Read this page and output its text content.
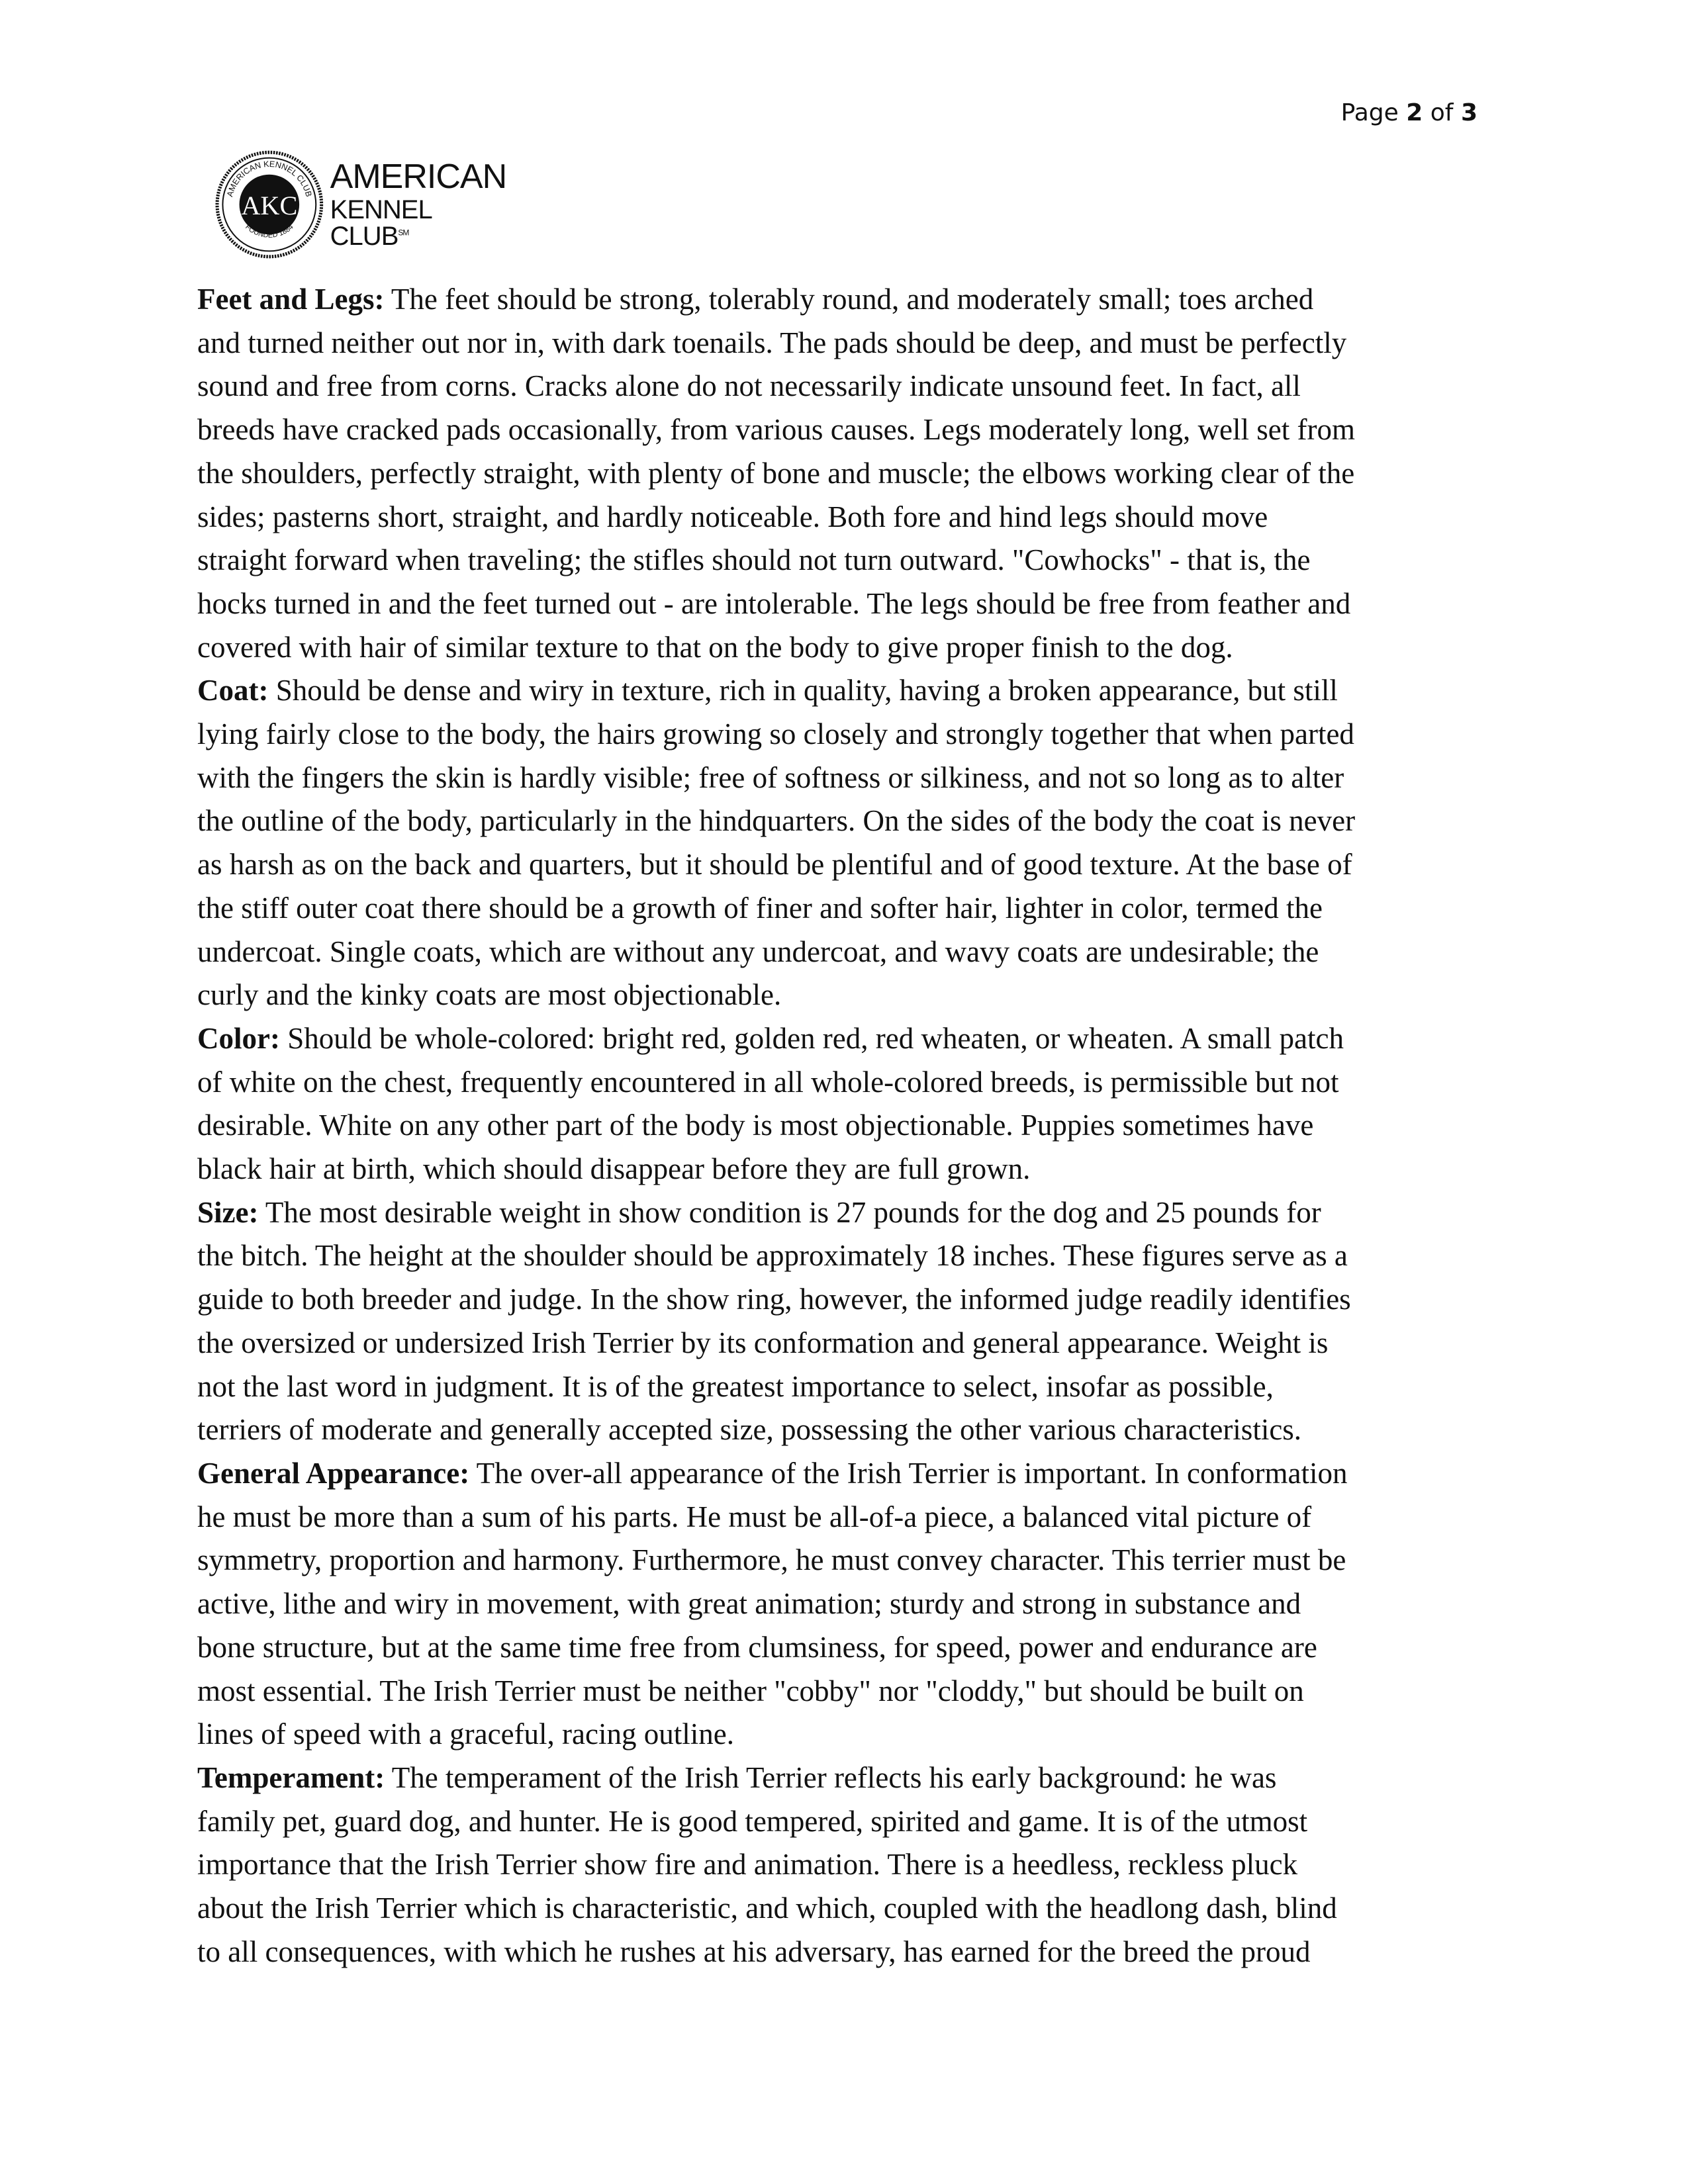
Page 2 of 3
AKC
AMERICAN KENNEL CLUB
FOUNDED 1884
AMERICAN
KENNEL CLUB℠
Feet and Legs: The feet should be strong, tolerably round, and moderately small; toes arched
and turned neither out nor in, with dark toenails. The pads should be deep, and must be perfectly
sound and free from corns. Cracks alone do not necessarily indicate unsound feet. In fact, all
breeds have cracked pads occasionally, from various causes. Legs moderately long, well set from
the shoulders, perfectly straight, with plenty of bone and muscle; the elbows working clear of the
sides; pasterns short, straight, and hardly noticeable. Both fore and hind legs should move
straight forward when traveling; the stifles should not turn outward. "Cowhocks" - that is, the
hocks turned in and the feet turned out - are intolerable. The legs should be free from feather and
covered with hair of similar texture to that on the body to give proper finish to the dog.
Coat: Should be dense and wiry in texture, rich in quality, having a broken appearance, but still
lying fairly close to the body, the hairs growing so closely and strongly together that when parted
with the fingers the skin is hardly visible; free of softness or silkiness, and not so long as to alter
the outline of the body, particularly in the hindquarters. On the sides of the body the coat is never
as harsh as on the back and quarters, but it should be plentiful and of good texture. At the base of
the stiff outer coat there should be a growth of finer and softer hair, lighter in color, termed the
undercoat. Single coats, which are without any undercoat, and wavy coats are undesirable; the
curly and the kinky coats are most objectionable.
Color: Should be whole-colored: bright red, golden red, red wheaten, or wheaten. A small patch
of white on the chest, frequently encountered in all whole-colored breeds, is permissible but not
desirable. White on any other part of the body is most objectionable. Puppies sometimes have
black hair at birth, which should disappear before they are full grown.
Size: The most desirable weight in show condition is 27 pounds for the dog and 25 pounds for
the bitch. The height at the shoulder should be approximately 18 inches. These figures serve as a
guide to both breeder and judge. In the show ring, however, the informed judge readily identifies
the oversized or undersized Irish Terrier by its conformation and general appearance. Weight is
not the last word in judgment. It is of the greatest importance to select, insofar as possible,
terriers of moderate and generally accepted size, possessing the other various characteristics.
General Appearance: The over-all appearance of the Irish Terrier is important. In conformation
he must be more than a sum of his parts. He must be all-of-a piece, a balanced vital picture of
symmetry, proportion and harmony. Furthermore, he must convey character. This terrier must be
active, lithe and wiry in movement, with great animation; sturdy and strong in substance and
bone structure, but at the same time free from clumsiness, for speed, power and endurance are
most essential. The Irish Terrier must be neither "cobby" nor "cloddy," but should be built on
lines of speed with a graceful, racing outline.
Temperament: The temperament of the Irish Terrier reflects his early background: he was
family pet, guard dog, and hunter. He is good tempered, spirited and game. It is of the utmost
importance that the Irish Terrier show fire and animation. There is a heedless, reckless pluck
about the Irish Terrier which is characteristic, and which, coupled with the headlong dash, blind
to all consequences, with which he rushes at his adversary, has earned for the breed the proud
